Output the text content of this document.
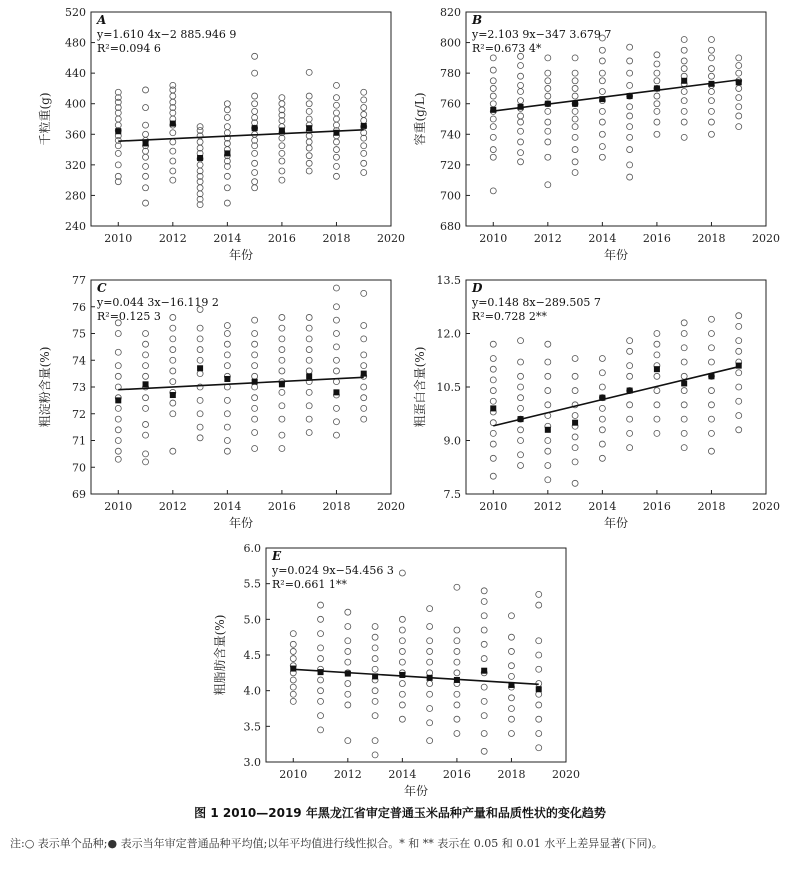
240
280
320
360
400
440
480
520
2010 2012 2014 2016 2018 2020
年份
千粒重(g)
A
y=1.610 4x−2 885.946 9
R²=0.094 6
680
700
720
740
760
780
800
820
2010 2012 2014 2016 2018 2020
年份
容重(g/L)
B
y=2.103 9x−347 3.679 7
R²=0.673 4*
69
70
71
72
73
74
75
76
77
2010 2012 2014 2016 2018 2020
年份
粗淀粉含量(%)
C
y=0.044 3x−16.119 2
R²=0.125 3
7.5
9.0
10.5
12.0
13.5
2010 2012 2014 2016 2018 2020
年份
粗蛋白含量(%)
D
y=0.148 8x−289.505 7
R²=0.728 2**
3.0
3.5
4.0
4.5
5.0
5.5
6.0
2010 2012 2014 2016 2018 2020
年份
粗脂肪含量(%)
E
y=0.024 9x−54.456 3
R²=0.661 1**
图 1 2010—2019 年黑龙江省审定普通玉米品种产量和品质性状的变化趋势
注:○ 表示单个品种;● 表示当年审定普通品种平均值;以年平均值进行线性拟合。* 和 ** 表示在 0.05 和 0.01 水平上差异显著(下同)。
